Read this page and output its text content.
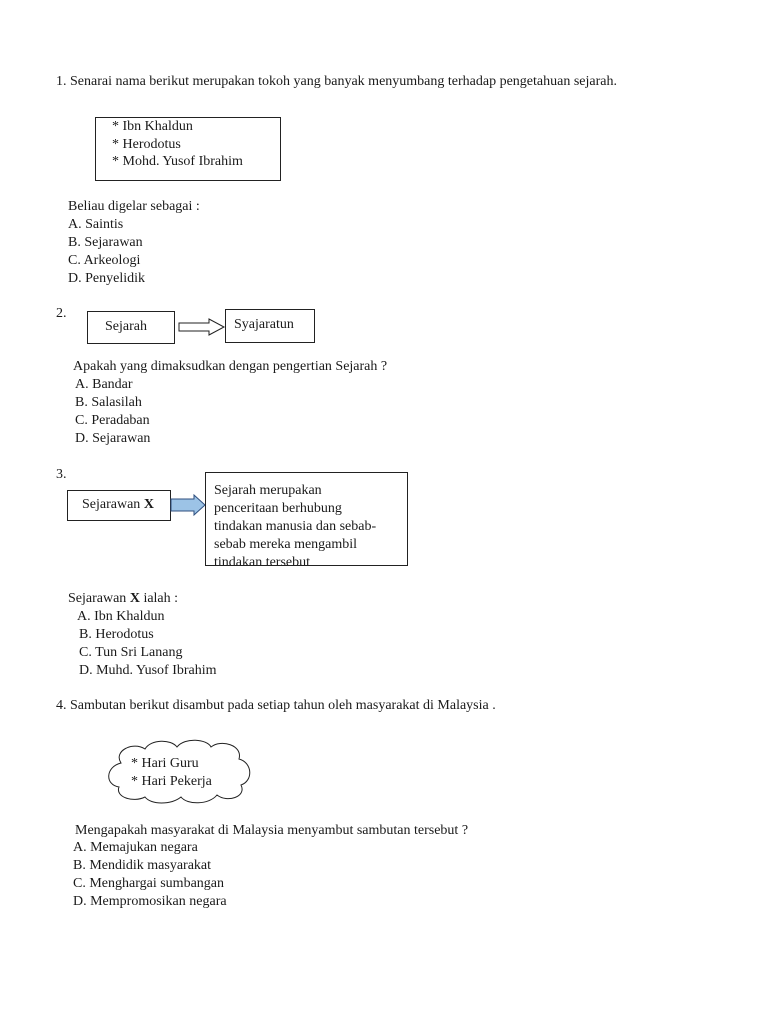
1. Senarai nama berikut merupakan tokoh yang banyak menyumbang terhadap pengetahuan sejarah.
* Ibn Khaldun
* Herodotus
* Mohd. Yusof Ibrahim
Beliau digelar sebagai :
A. Saintis
B. Sejarawan
C. Arkeologi
D. Penyelidik
2.
Sejarah	Syajaratun
Apakah yang dimaksudkan dengan pengertian Sejarah ?
A. Bandar
B. Salasilah
C. Peradaban
D. Sejarawan
3.
Sejarawan X
Sejarah merupakan
penceritaan berhubung
tindakan manusia dan sebab-
sebab mereka mengambil
tindakan tersebut
Sejarawan X ialah :
A. Ibn Khaldun
B. Herodotus
C. Tun Sri Lanang
D. Muhd. Yusof Ibrahim
4. Sambutan berikut disambut pada setiap tahun oleh masyarakat di Malaysia .
* Hari Guru
* Hari Pekerja
Mengapakah masyarakat di Malaysia menyambut sambutan tersebut ?
A. Memajukan negara
B. Mendidik masyarakat
C. Menghargai sumbangan
D. Mempromosikan negara
